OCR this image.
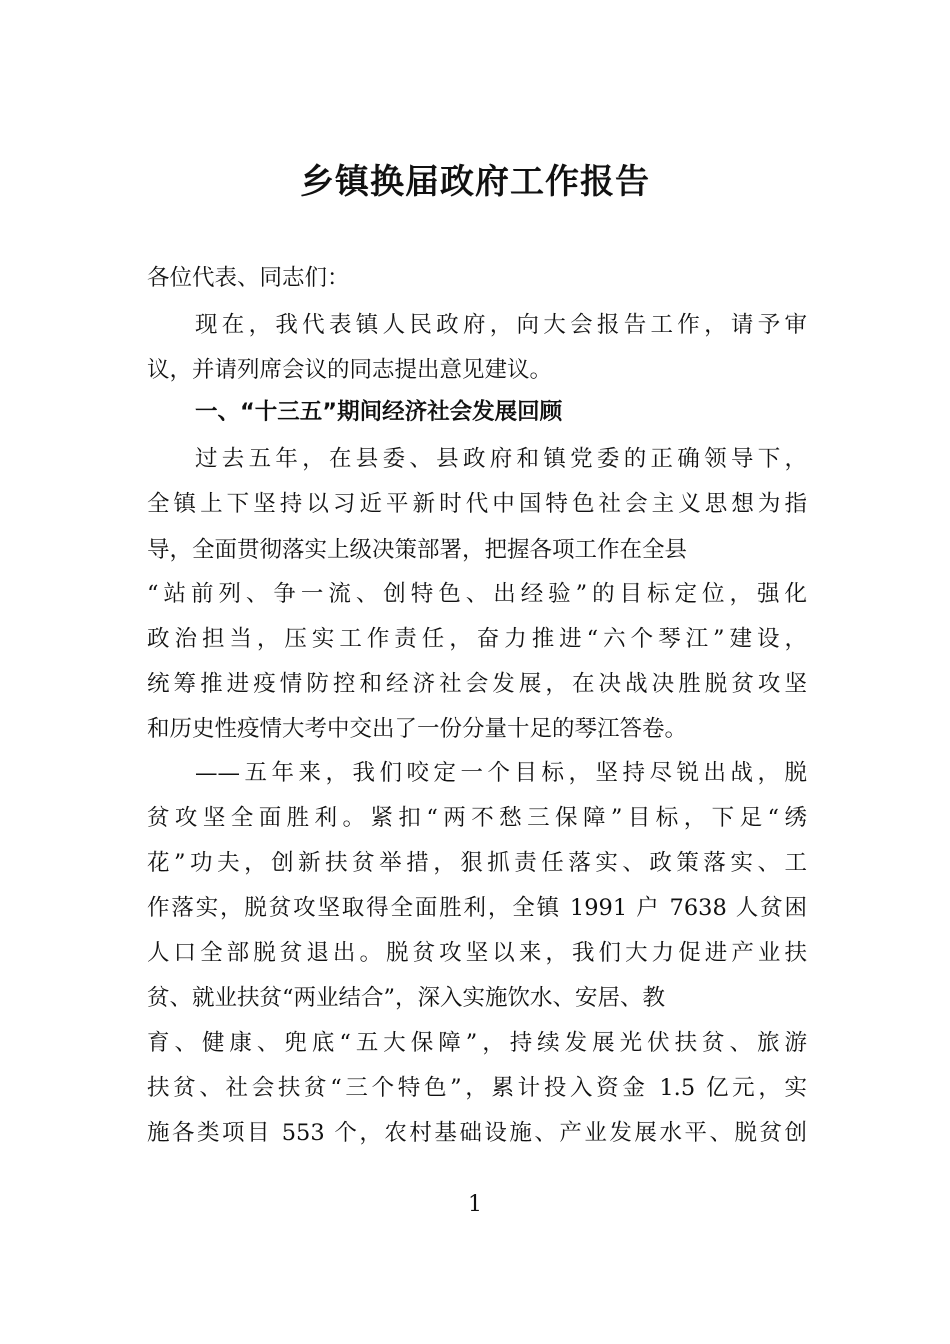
乡镇换届政府工作报告
各位代表、同志们：
现在，我代表镇人民政府，向大会报告工作，请予审
议，并请列席会议的同志提出意见建议。
一、“十三五”期间经济社会发展回顾
过去五年，在县委、县政府和镇党委的正确领导下，
全镇上下坚持以习近平新时代中国特色社会主义思想为指
导，全面贯彻落实上级决策部署，把握各项工作在全县
“站前列、争一流、创特色、出经验”的目标定位，强化
政治担当，压实工作责任，奋力推进“六个琴江”建设，
统筹推进疫情防控和经济社会发展，在决战决胜脱贫攻坚
和历史性疫情大考中交出了一份分量十足的琴江答卷。
——五年来，我们咬定一个目标，坚持尽锐出战，脱
贫攻坚全面胜利。紧扣“两不愁三保障”目标，下足“绣
花”功夫，创新扶贫举措，狠抓责任落实、政策落实、工
作落实，脱贫攻坚取得全面胜利，全镇 1991 户 7638 人贫困
人口全部脱贫退出。脱贫攻坚以来，我们大力促进产业扶
贫、就业扶贫“两业结合”，深入实施饮水、安居、教
育、健康、兜底“五大保障”，持续发展光伏扶贫、旅游
扶贫、社会扶贫“三个特色”，累计投入资金 1.5 亿元，实
施各类项目 553 个，农村基础设施、产业发展水平、脱贫创
1
